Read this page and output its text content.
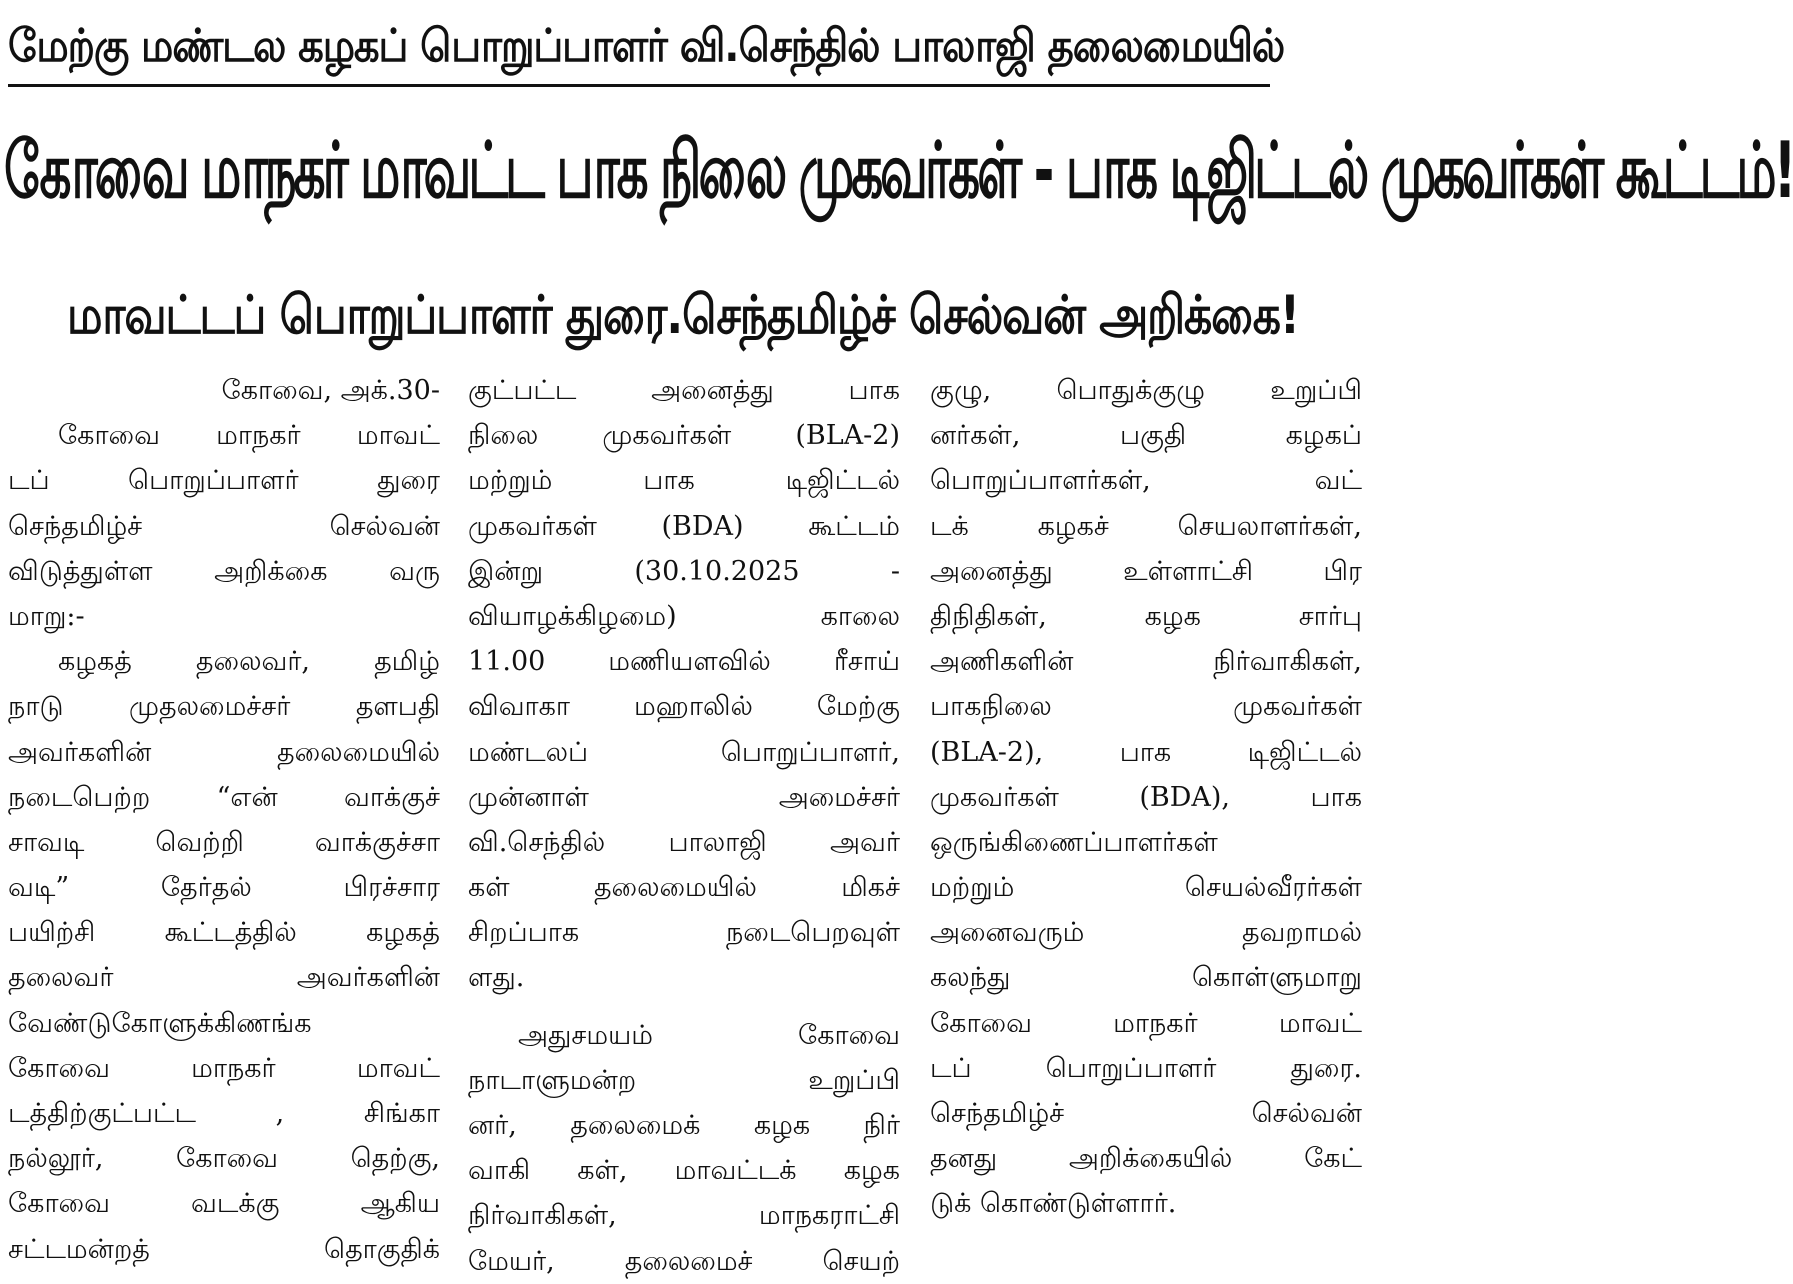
மேற்கு மண்டல கழகப் பொறுப்பாளர் வி.செந்தில் பாலாஜி தலைமையில்
கோவை மாநகர் மாவட்ட பாக நிலை முகவர்கள் - பாக டிஜிட்டல் முகவர்கள் கூட்டம்!
மாவட்டப் பொறுப்பாளர் துரை.செந்தமிழ்ச் செல்வன் அறிக்கை!
கோவை, அக்.30-
கோவை மாநகர் மாவட்
டப் பொறுப்பாளர் துரை
செந்தமிழ்ச் செல்வன்
விடுத்துள்ள அறிக்கை வரு
மாறு:-
கழகத் தலைவர், தமிழ்
நாடு முதலமைச்சர் தளபதி
அவர்களின் தலைமையில்
நடைபெற்ற “என் வாக்குச்
சாவடி வெற்றி வாக்குச்சா
வடி” தேர்தல் பிரச்சார
பயிற்சி கூட்டத்தில் கழகத்
தலைவர் அவர்களின்
வேண்டுகோளுக்கிணங்க
கோவை மாநகர் மாவட்
டத்திற்குட்பட்ட , சிங்கா
நல்லூர், கோவை தெற்கு,
கோவை வடக்கு ஆகிய
சட்டமன்றத் தொகுதிக்
குட்பட்ட அனைத்து பாக
நிலை முகவர்கள் (BLA-2)
மற்றும் பாக டிஜிட்டல்
முகவர்கள் (BDA) கூட்டம்
இன்று (30.10.2025 -
வியாழக்கிழமை) காலை
11.00 மணியளவில் ரீசாய்
விவாகா மஹாலில் மேற்கு
மண்டலப் பொறுப்பாளர்,
முன்னாள் அமைச்சர்
வி.செந்தில் பாலாஜி அவர்
கள் தலைமையில் மிகச்
சிறப்பாக நடைபெறவுள்
ளது.
அதுசமயம் கோவை
நாடாளுமன்ற உறுப்பி
னர், தலைமைக் கழக நிர்
வாகி கள், மாவட்டக் கழக
நிர்வாகிகள், மாநகராட்சி
மேயர், தலைமைச் செயற்
குழு, பொதுக்குழு உறுப்பி
னர்கள், பகுதி கழகப்
பொறுப்பாளர்கள், வட்
டக் கழகச் செயலாளர்கள்,
அனைத்து உள்ளாட்சி பிர
திநிதிகள், கழக சார்பு
அணிகளின் நிர்வாகிகள்,
பாகநிலை முகவர்கள்
(BLA-2), பாக டிஜிட்டல்
முகவர்கள் (BDA), பாக
ஒருங்கிணைப்பாளர்கள்
மற்றும் செயல்வீரர்கள்
அனைவரும் தவறாமல்
கலந்து கொள்ளுமாறு
கோவை மாநகர் மாவட்
டப் பொறுப்பாளர் துரை.
செந்தமிழ்ச் செல்வன்
தனது அறிக்கையில் கேட்
டுக் கொண்டுள்ளார்.
